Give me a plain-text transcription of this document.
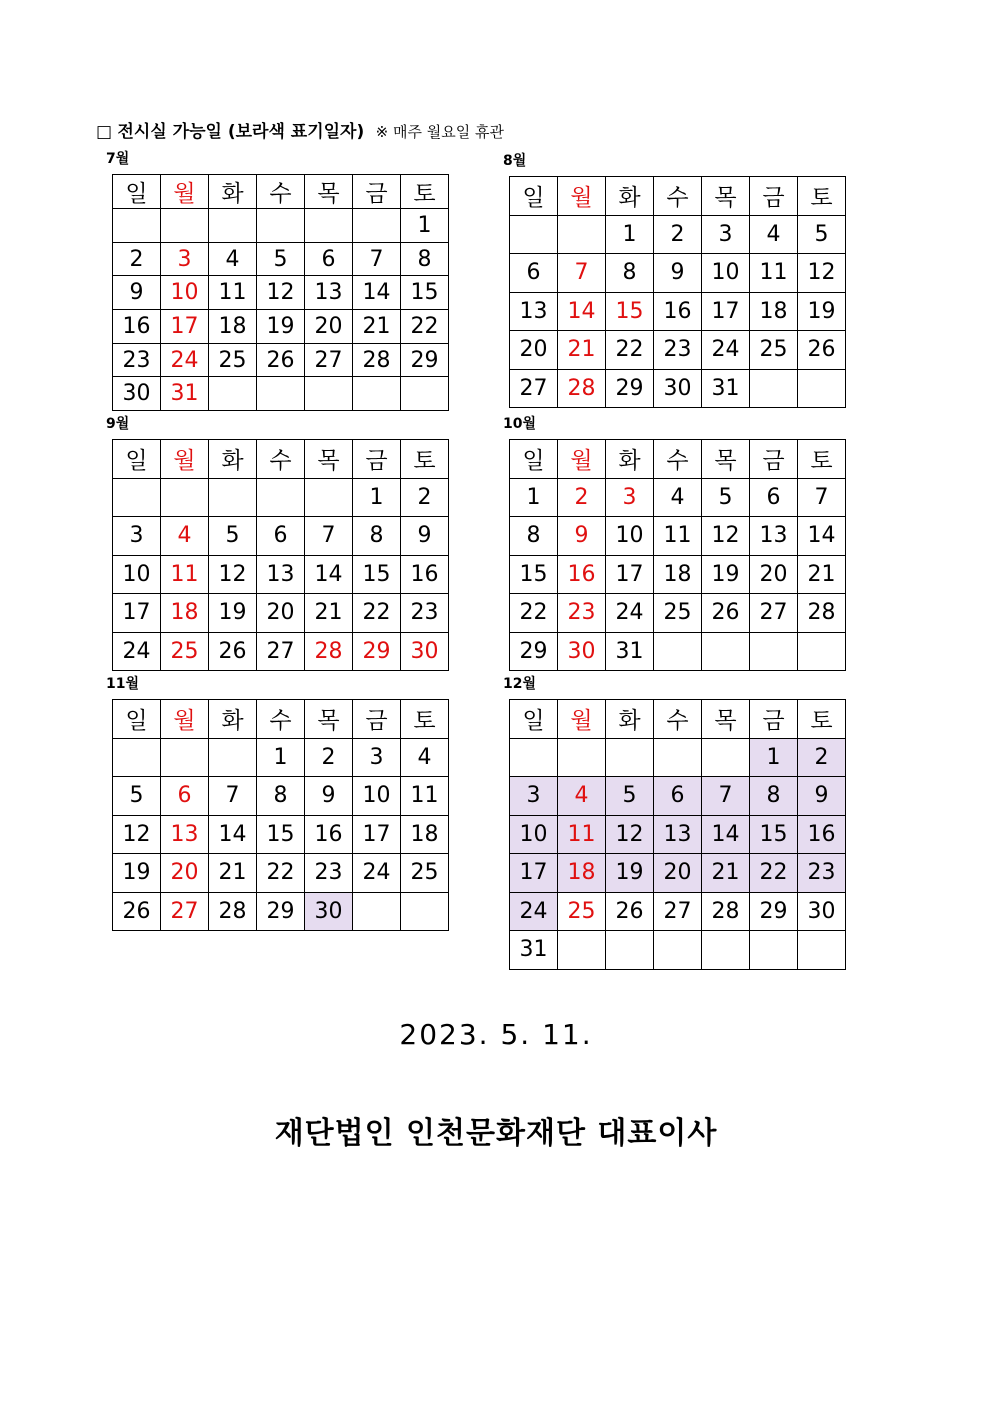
□ 전시실 가능일 (보라색 표기일자) ※ 매주 월요일 휴관
7월
일	월	화	수	목	금	토
						1
2	3	4	5	6	7	8
9	10	11	12	13	14	15
16	17	18	19	20	21	22
23	24	25	26	27	28	29
30	31					
8월
일	월	화	수	목	금	토
		1	2	3	4	5
6	7	8	9	10	11	12
13	14	15	16	17	18	19
20	21	22	23	24	25	26
27	28	29	30	31		
9월
일	월	화	수	목	금	토
					1	2
3	4	5	6	7	8	9
10	11	12	13	14	15	16
17	18	19	20	21	22	23
24	25	26	27	28	29	30
10월
일	월	화	수	목	금	토
1	2	3	4	5	6	7
8	9	10	11	12	13	14
15	16	17	18	19	20	21
22	23	24	25	26	27	28
29	30	31				
11월
일	월	화	수	목	금	토
			1	2	3	4
5	6	7	8	9	10	11
12	13	14	15	16	17	18
19	20	21	22	23	24	25
26	27	28	29	30		
12월
일	월	화	수	목	금	토
					1	2
3	4	5	6	7	8	9
10	11	12	13	14	15	16
17	18	19	20	21	22	23
24	25	26	27	28	29	30
31						
2023. 5. 11.
재단법인 인천문화재단 대표이사
